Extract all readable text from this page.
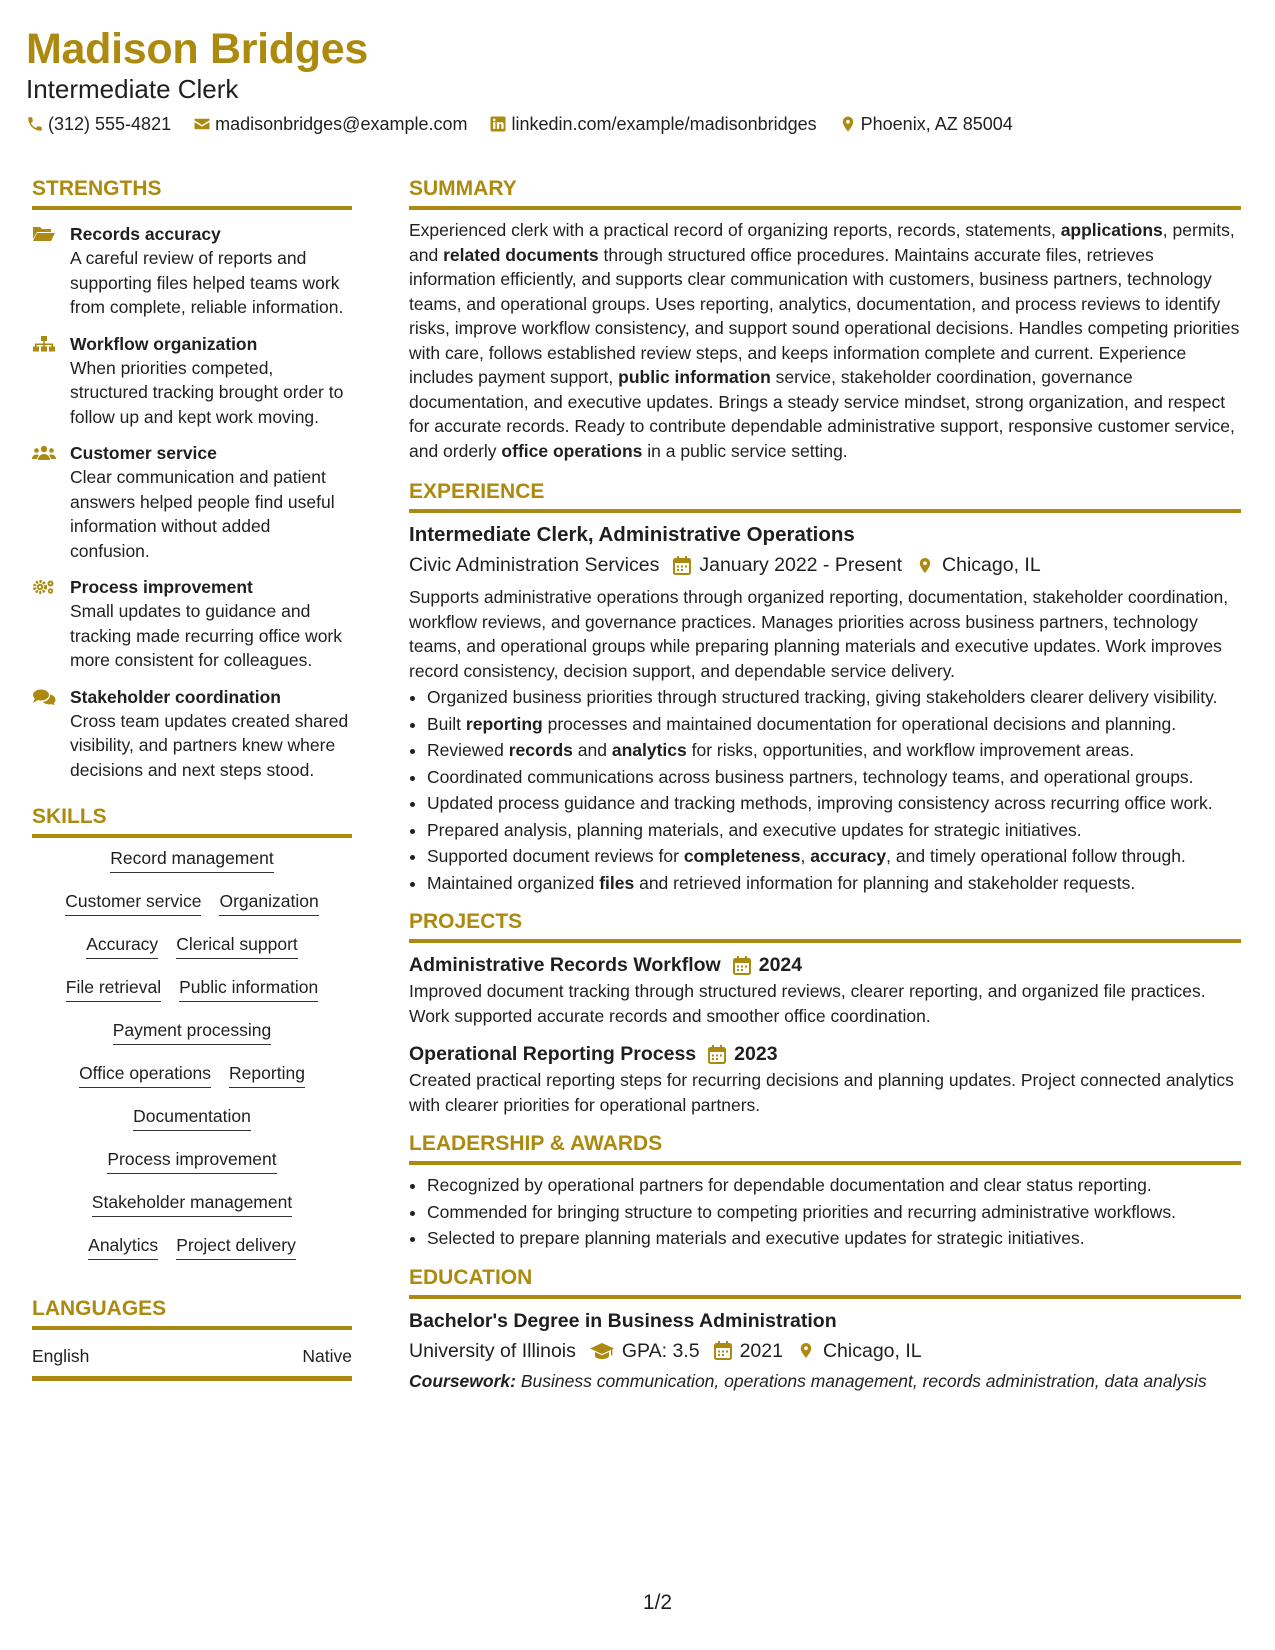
Madison Bridges
Intermediate Clerk
(312) 555-4821 madisonbridges@example.com linkedin.com/example/madisonbridges Phoenix, AZ 85004
STRENGTHS
Records accuracy
A careful review of reports and supporting files helped teams work from complete, reliable information.
Workflow organization
When priorities competed, structured tracking brought order to follow up and kept work moving.
Customer service
Clear communication and patient answers helped people find useful information without added confusion.
Process improvement
Small updates to guidance and tracking made recurring office work more consistent for colleagues.
Stakeholder coordination
Cross team updates created shared visibility, and partners knew where decisions and next steps stood.
SKILLS
Record management
Customer service Organization
Accuracy Clerical support
File retrieval Public information
Payment processing
Office operations Reporting
Documentation
Process improvement
Stakeholder management
Analytics Project delivery
LANGUAGES
English	Native
SUMMARY

Experienced clerk with a practical record of organizing reports, records, statements, applications, permits, and related documents through structured office procedures. Maintains accurate files, retrieves information efficiently, and supports clear communication with customers, business partners, technology teams, and operational groups. Uses reporting, analytics, documentation, and process reviews to identify risks, improve workflow consistency, and support sound operational decisions. Handles competing priorities with care, follows established review steps, and keeps information complete and current. Experience includes payment support, public information service, stakeholder coordination, governance documentation, and executive updates. Brings a steady service mindset, strong organization, and respect for accurate records. Ready to contribute dependable administrative support, responsive customer service, and orderly office operations in a public service setting.

EXPERIENCE
Intermediate Clerk, Administrative Operations
Civic Administration Services January 2022 - Present Chicago, IL

Supports administrative operations through organized reporting, documentation, stakeholder coordination, workflow reviews, and governance practices. Manages priorities across business partners, technology teams, and operational groups while preparing planning materials and executive updates. Work improves record consistency, decision support, and dependable service delivery.

• Organized business priorities through structured tracking, giving stakeholders clearer delivery visibility.
• Built reporting processes and maintained documentation for operational decisions and planning.
• Reviewed records and analytics for risks, opportunities, and workflow improvement areas.
• Coordinated communications across business partners, technology teams, and operational groups.
• Updated process guidance and tracking methods, improving consistency across recurring office work.
• Prepared analysis, planning materials, and executive updates for strategic initiatives.
• Supported document reviews for completeness, accuracy, and timely operational follow through.
• Maintained organized files and retrieved information for planning and stakeholder requests.
PROJECTS
Administrative Records Workflow 2024

Improved document tracking through structured reviews, clearer reporting, and organized file practices. Work supported accurate records and smoother office coordination.

Operational Reporting Process 2023

Created practical reporting steps for recurring decisions and planning updates. Project connected analytics with clearer priorities for operational partners.

LEADERSHIP & AWARDS
• Recognized by operational partners for dependable documentation and clear status reporting.
• Commended for bringing structure to competing priorities and recurring administrative workflows.
• Selected to prepare planning materials and executive updates for strategic initiatives.
EDUCATION
Bachelor's Degree in Business Administration
University of Illinois GPA: 3.5 2021 Chicago, IL

Coursework: Business communication, operations management, records administration, data analysis

1/2
